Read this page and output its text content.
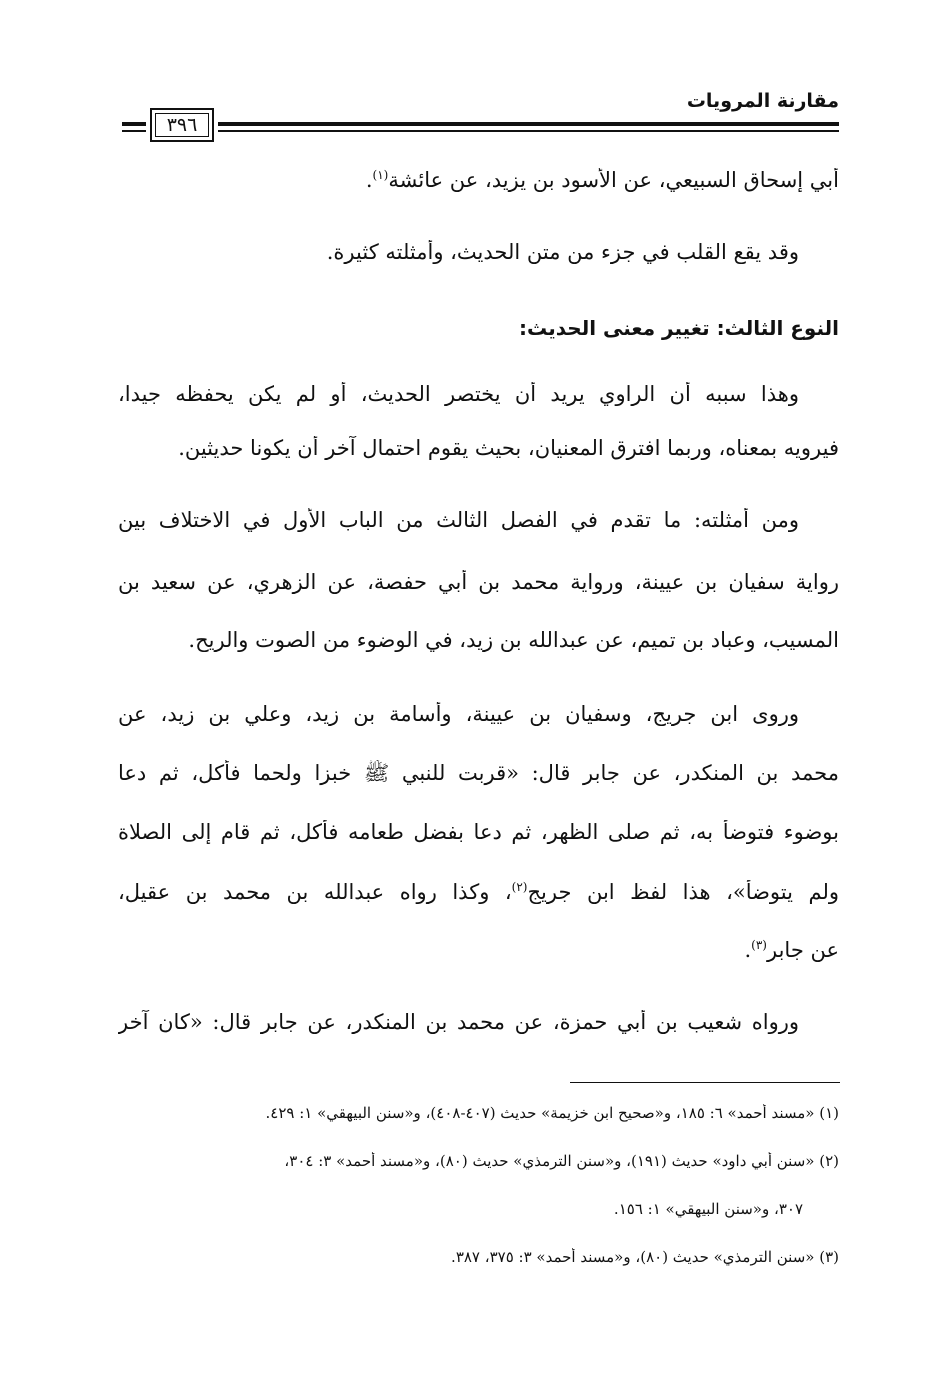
مقارنة المرويات
٣٩٦
أبي إسحاق السبيعي، عن الأسود بن يزيد، عن عائشة$^{(١)}$.
وقد يقع القلب في جزء من متن الحديث، وأمثلته كثيرة.
النوع الثالث: تغيير معنى الحديث:
وهذا سببه أن الراوي يريد أن يختصر الحديث، أو لم يكن يحفظه جيدا،
فيرويه بمعناه، وربما افترق المعنيان، بحيث يقوم احتمال آخر أن يكونا حديثين.
ومن أمثلته: ما تقدم في الفصل الثالث من الباب الأول في الاختلاف بين
رواية سفيان بن عيينة، ورواية محمد بن أبي حفصة، عن الزهري، عن سعيد بن
المسيب، وعباد بن تميم، عن عبدالله بن زيد، في الوضوء من الصوت والريح.
وروى ابن جريج، وسفيان بن عيينة، وأسامة بن زيد، وعلي بن زيد، عن
محمد بن المنكدر، عن جابر قال: «قربت للنبي ﷺ خبزا ولحما فأكل، ثم دعا
بوضوء فتوضأ به، ثم صلى الظهر، ثم دعا بفضل طعامه فأكل، ثم قام إلى الصلاة
ولم يتوضأ»، هذا لفظ ابن جريج$^{(٢)}$، وكذا رواه عبدالله بن محمد بن عقيل،
عن جابر$^{(٣)}$.
ورواه شعيب بن أبي حمزة، عن محمد بن المنكدر، عن جابر قال: «كان آخر
(١) «مسند أحمد» ٦: ١٨٥، و«صحيح ابن خزيمة» حديث (٤٠٧-٤٠٨)، و«سنن البيهقي» ١: ٤٢٩.
(٢) «سنن أبي داود» حديث (١٩١)، و«سنن الترمذي» حديث (٨٠)، و«مسند أحمد» ٣: ٣٠٤،
٣٠٧، و«سنن البيهقي» ١: ١٥٦.
(٣) «سنن الترمذي» حديث (٨٠)، و«مسند أحمد» ٣: ٣٧٥، ٣٨٧.
